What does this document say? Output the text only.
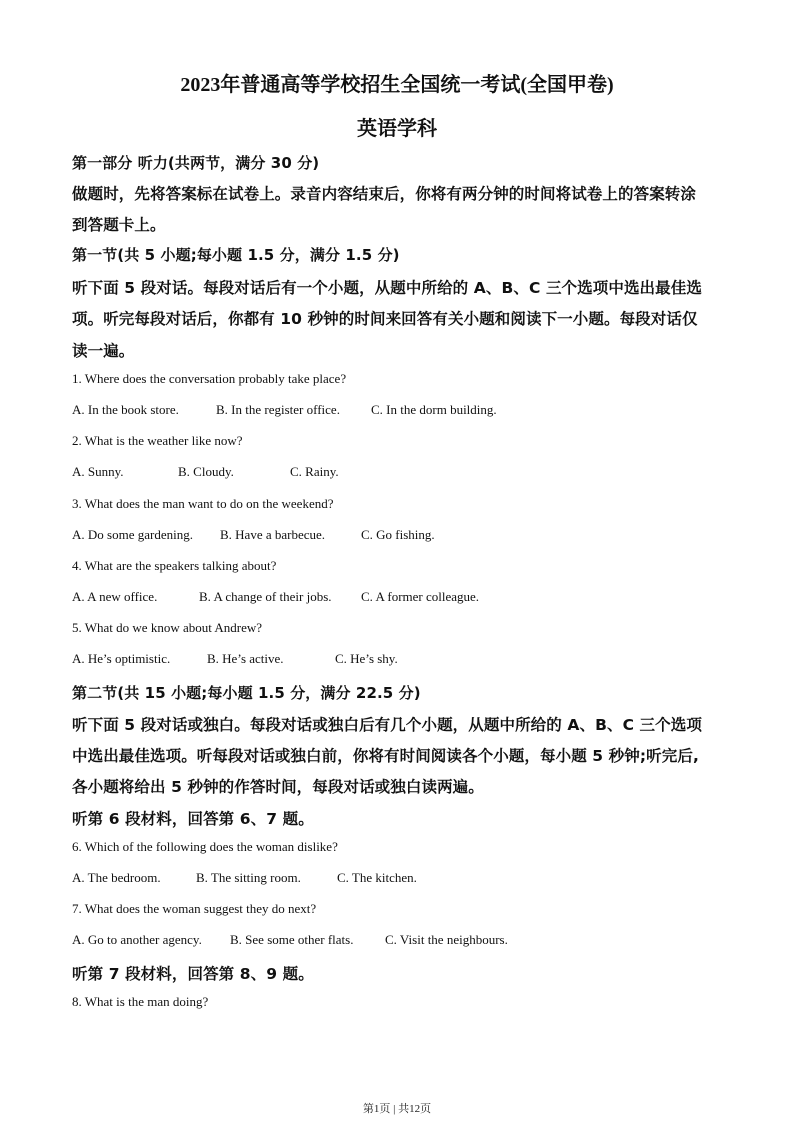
2023年普通高等学校招生全国统一考试(全国甲卷)
英语学科
第一部分 听力(共两节，满分 30 分)
做题时，先将答案标在试卷上。录音内容结束后，你将有两分钟的时间将试卷上的答案转涂
到答题卡上。
第一节(共 5 小题;每小题 1.5 分，满分 1.5 分)
听下面 5 段对话。每段对话后有一个小题，从题中所给的 A、B、C 三个选项中选出最佳选
项。听完每段对话后，你都有 10 秒钟的时间来回答有关小题和阅读下一小题。每段对话仅
读一遍。
1. Where does the conversation probably take place?
A. In the book store.	B. In the register office. C. In the dorm building.
2. What is the weather like now?
A. Sunny.	B. Cloudy.	C. Rainy.
3. What does the man want to do on the weekend?
A. Do some gardening. B. Have a barbecue.	C. Go fishing.
4. What are the speakers talking about?
A. A new office.	B. A change of their jobs. C. A former colleague.
5. What do we know about Andrew?
A. He’s optimistic.	B. He’s active.	C. He’s shy.
第二节(共 15 小题;每小题 1.5 分，满分 22.5 分)
听下面 5 段对话或独白。每段对话或独白后有几个小题，从题中所给的 A、B、C 三个选项
中选出最佳选项。听每段对话或独白前，你将有时间阅读各个小题，每小题 5 秒钟;听完后,
各小题将给出 5 秒钟的作答时间，每段对话或独白读两遍。
听第 6 段材料，回答第 6、7 题。
6. Which of the following does the woman dislike?
A. The bedroom.	B. The sitting room.	C. The kitchen.
7. What does the woman suggest they do next?
A. Go to another agency. B. See some other flats. C. Visit the neighbours.
听第 7 段材料，回答第 8、9 题。
8. What is the man doing?
第1页 | 共12页
